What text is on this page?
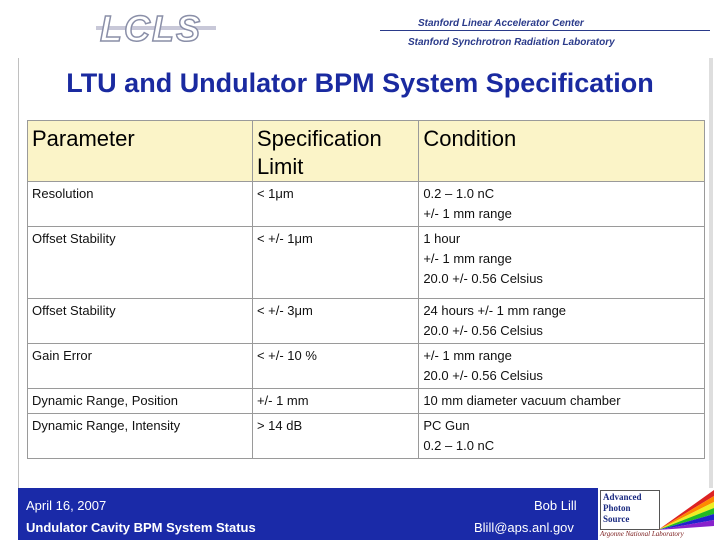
LCLS	Stanford Linear Accelerator Center
Stanford Synchrotron Radiation Laboratory
LTU and Undulator BPM System Specification
Parameter	Specification Limit	Condition
Resolution	< 1μm	0.2 – 1.0 nC
+/- 1 mm range
Offset Stability	< +/- 1μm	1 hour
+/- 1 mm range
20.0 +/- 0.56 Celsius
Offset Stability	< +/- 3μm	24 hours +/- 1 mm range
20.0 +/- 0.56 Celsius
Gain Error	< +/- 10 %	+/- 1 mm range
20.0 +/- 0.56 Celsius
Dynamic Range, Position	+/- 1 mm	10 mm diameter vacuum chamber
Dynamic Range, Intensity	> 14 dB	PC Gun
0.2 – 1.0 nC
April 16, 2007
Undulator Cavity BPM System Status
Bob Lill
Blill@aps.anl.gov
Advanced
Photon
Source
Argonne National Laboratory
